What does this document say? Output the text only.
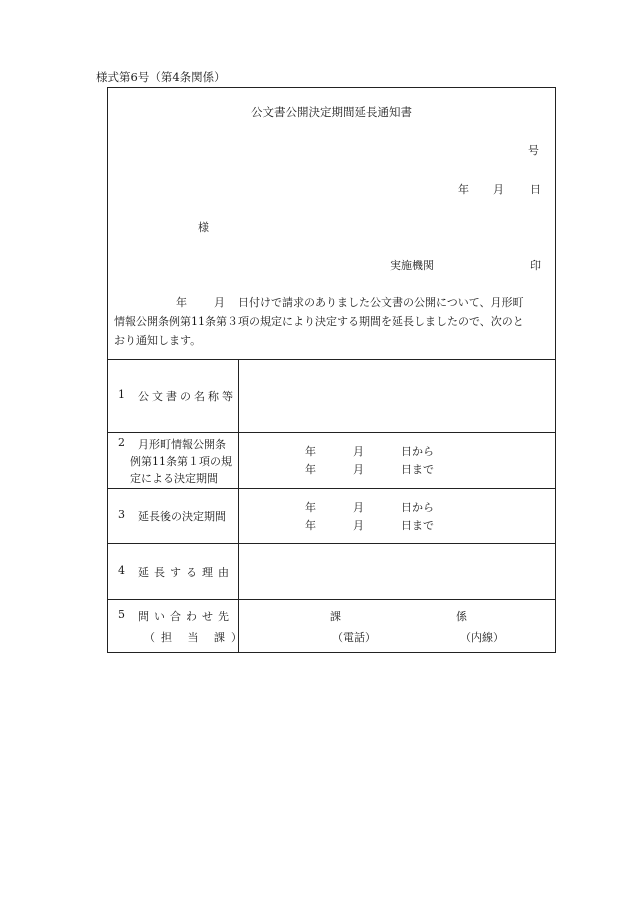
様式第6号（第4条関係）
公文書公開決定期間延長通知書
号
年 月 日
様
実施機関	印
年 月 日付けで請求のありました公文書の公開について、月形町
情報公開条例第11条第３項の規定により決定する期間を延長しましたので、次のと
おり通知します。
1 公文書の名称等
2 月形町情報公開条
例第11条第１項の規
定による決定期間
年	月	日から
年	月	日まで
3 延長後の決定期間
年	月	日から
年	月	日まで
4 延長する理由
5 問い合わせ先
（担 当 課）
課	係
（電話）	（内線）
